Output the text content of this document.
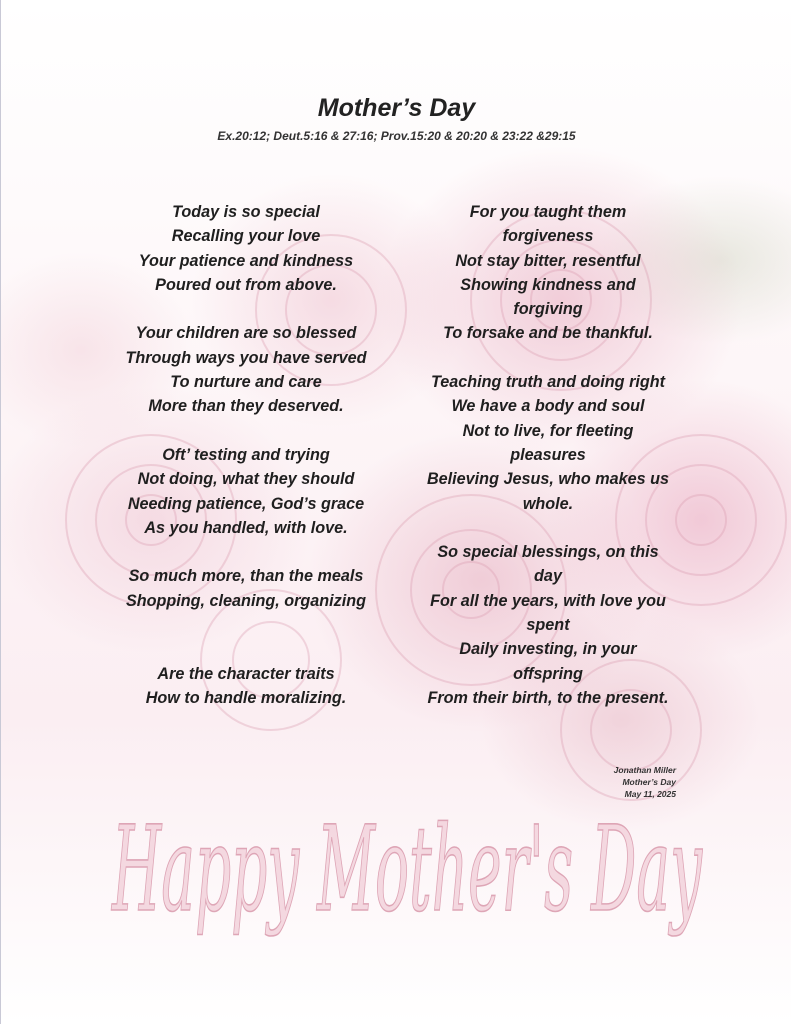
Mother’s Day
Ex.20:12; Deut.5:16 & 27:16; Prov.15:20 & 20:20 & 23:22 &29:15
Today is so special
Recalling your love
Your patience and kindness
Poured out from above.
Your children are so blessed
Through ways you have served
To nurture and care
More than they deserved.
Oft’ testing and trying
Not doing, what they should
Needing patience, God’s grace
As you handled, with love.
So much more, than the meals
Shopping, cleaning, organizing
Are the character traits
How to handle moralizing.
For you taught them
forgiveness
Not stay bitter, resentful
Showing kindness and
forgiving
To forsake and be thankful.
Teaching truth and doing right
We have a body and soul
Not to live, for fleeting
pleasures
Believing Jesus, who makes us
whole.
So special blessings, on this
day
For all the years, with love you
spent
Daily investing, in your
offspring
From their birth, to the present.
Jonathan Miller
Mother’s Day
May 11, 2025
Happy Mother's Day
